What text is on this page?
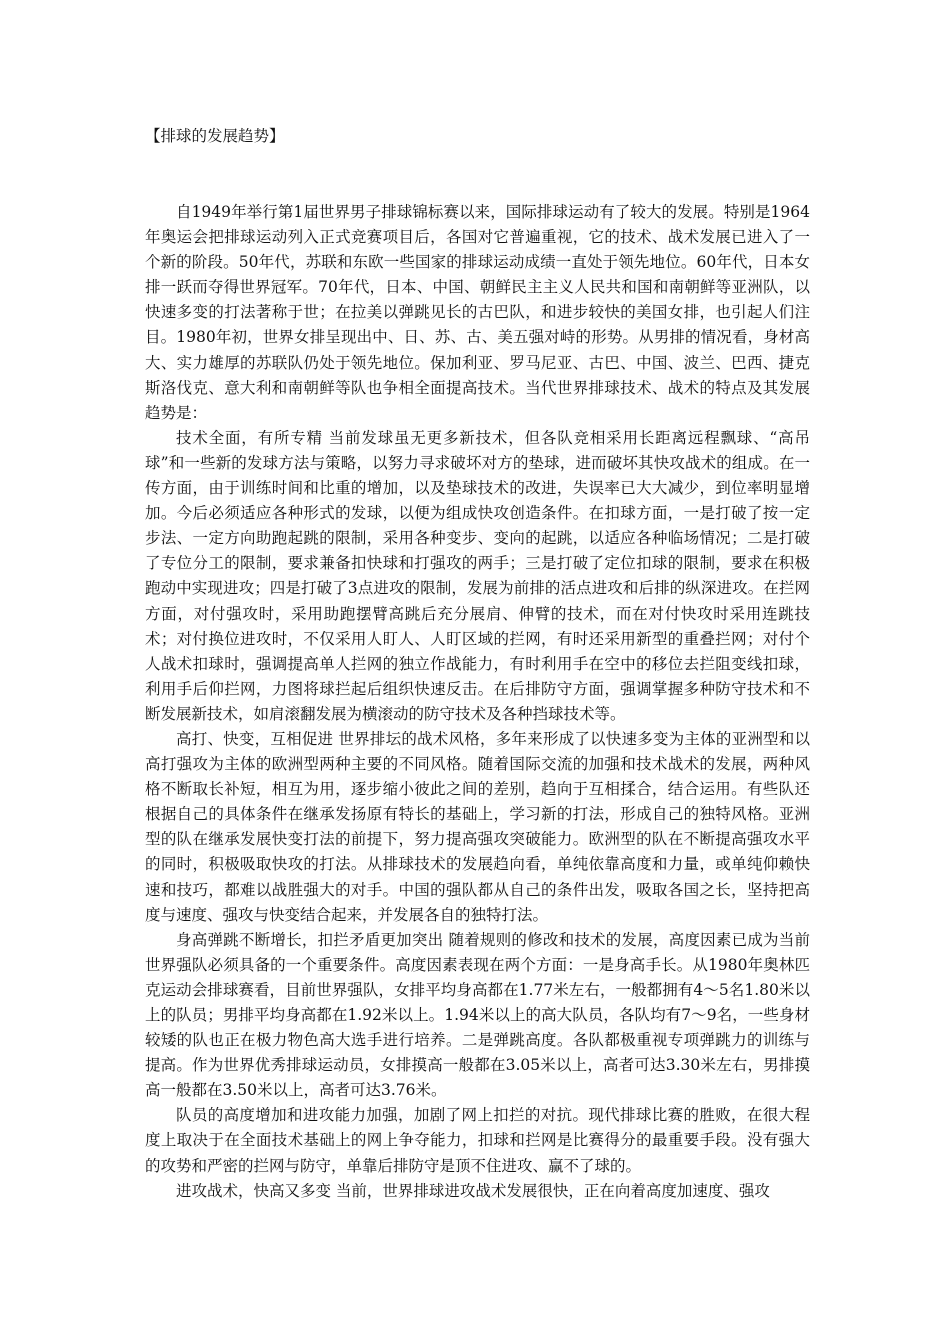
【排球的发展趋势】

自1949年举行第1届世界男子排球锦标赛以来，国际排球运动有了较大的发展。特别是1964年奥运会把排球运动列入正式竞赛项目后，各国对它普遍重视，它的技术、战术发展已进入了一个新的阶段。50年代，苏联和东欧一些国家的排球运动成绩一直处于领先地位。60年代，日本女排一跃而夺得世界冠军。70年代，日本、中国、朝鲜民主主义人民共和国和南朝鲜等亚洲队，以快速多变的打法著称于世；在拉美以弹跳见长的古巴队，和进步较快的美国女排，也引起人们注目。1980年初，世界女排呈现出中、日、苏、古、美五强对峙的形势。从男排的情况看，身材高大、实力雄厚的苏联队仍处于领先地位。保加利亚、罗马尼亚、古巴、中国、波兰、巴西、捷克斯洛伐克、意大利和南朝鲜等队也争相全面提高技术。当代世界排球技术、战术的特点及其发展趋势是：

技术全面，有所专精 当前发球虽无更多新技术，但各队竞相采用长距离远程飘球、“高吊球”和一些新的发球方法与策略，以努力寻求破坏对方的垫球，进而破坏其快攻战术的组成。在一传方面，由于训练时间和比重的增加，以及垫球技术的改进，失误率已大大减少，到位率明显增加。今后必须适应各种形式的发球，以便为组成快攻创造条件。在扣球方面，一是打破了按一定步法、一定方向助跑起跳的限制，采用各种变步、变向的起跳，以适应各种临场情况；二是打破了专位分工的限制，要求兼备扣快球和打强攻的两手；三是打破了定位扣球的限制，要求在积极跑动中实现进攻；四是打破了3点进攻的限制，发展为前排的活点进攻和后排的纵深进攻。在拦网方面，对付强攻时，采用助跑摆臂高跳后充分展肩、伸臂的技术，而在对付快攻时采用连跳技术；对付换位进攻时，不仅采用人盯人、人盯区域的拦网，有时还采用新型的重叠拦网；对付个人战术扣球时，强调提高单人拦网的独立作战能力，有时利用手在空中的移位去拦阻变线扣球，利用手后仰拦网，力图将球拦起后组织快速反击。在后排防守方面，强调掌握多种防守技术和不断发展新技术，如肩滚翻发展为横滚动的防守技术及各种挡球技术等。

高打、快变，互相促进 世界排坛的战术风格，多年来形成了以快速多变为主体的亚洲型和以高打强攻为主体的欧洲型两种主要的不同风格。随着国际交流的加强和技术战术的发展，两种风格不断取长补短，相互为用，逐步缩小彼此之间的差别，趋向于互相揉合，结合运用。有些队还根据自己的具体条件在继承发扬原有特长的基础上，学习新的打法，形成自己的独特风格。亚洲型的队在继承发展快变打法的前提下，努力提高强攻突破能力。欧洲型的队在不断提高强攻水平的同时，积极吸取快攻的打法。从排球技术的发展趋向看，单纯依靠高度和力量，或单纯仰赖快速和技巧，都难以战胜强大的对手。中国的强队都从自己的条件出发，吸取各国之长，坚持把高度与速度、强攻与快变结合起来，并发展各自的独特打法。

身高弹跳不断增长，扣拦矛盾更加突出 随着规则的修改和技术的发展，高度因素已成为当前世界强队必须具备的一个重要条件。高度因素表现在两个方面：一是身高手长。从1980年奥林匹克运动会排球赛看，目前世界强队，女排平均身高都在1.77米左右，一般都拥有4～5名1.80米以上的队员；男排平均身高都在1.92米以上。1.94米以上的高大队员，各队均有7～9名，一些身材较矮的队也正在极力物色高大选手进行培养。二是弹跳高度。各队都极重视专项弹跳力的训练与提高。作为世界优秀排球运动员，女排摸高一般都在3.05米以上，高者可达3.30米左右，男排摸高一般都在3.50米以上，高者可达3.76米。

队员的高度增加和进攻能力加强，加剧了网上扣拦的对抗。现代排球比赛的胜败，在很大程度上取决于在全面技术基础上的网上争夺能力，扣球和拦网是比赛得分的最重要手段。没有强大的攻势和严密的拦网与防守，单靠后排防守是顶不住进攻、赢不了球的。

进攻战术，快高又多变 当前，世界排球进攻战术发展很快，正在向着高度加速度、强攻
